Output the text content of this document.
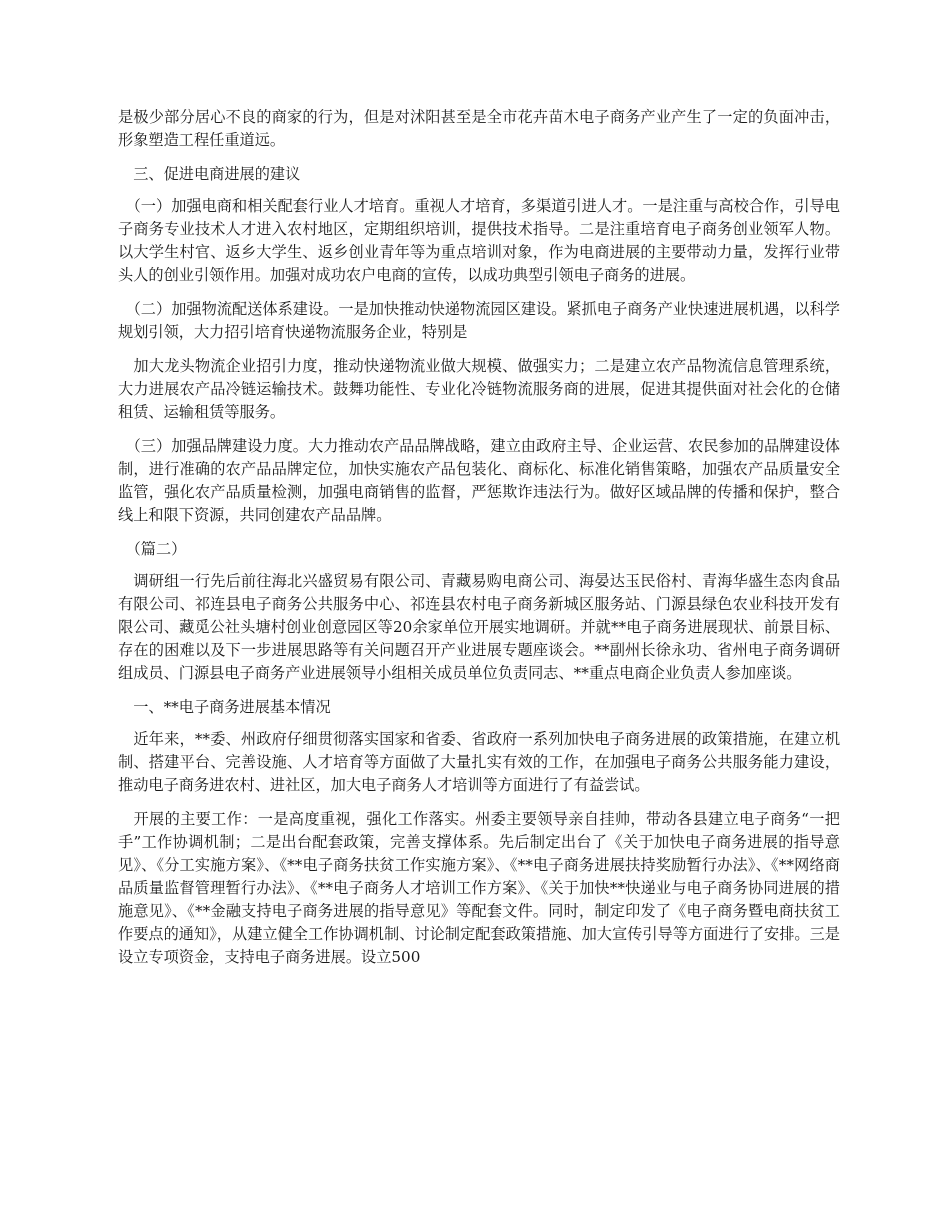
是极少部分居心不良的商家的行为，但是对沭阳甚至是全市花卉苗木电子商务产业产生了一定的负面冲击，形象塑造工程任重道远。

　三、促进电商进展的建议

　（一）加强电商和相关配套行业人才培育。重视人才培育，多渠道引进人才。一是注重与高校合作，引导电子商务专业技术人才进入农村地区，定期组织培训，提供技术指导。二是注重培育电子商务创业领军人物。以大学生村官、返乡大学生、返乡创业青年等为重点培训对象，作为电商进展的主要带动力量，发挥行业带头人的创业引领作用。加强对成功农户电商的宣传，以成功典型引领电子商务的进展。

　（二）加强物流配送体系建设。一是加快推动快递物流园区建设。紧抓电子商务产业快速进展机遇，以科学规划引领，大力招引培育快递物流服务企业，特别是

　加大龙头物流企业招引力度，推动快递物流业做大规模、做强实力；二是建立农产品物流信息管理系统，大力进展农产品冷链运输技术。鼓舞功能性、专业化冷链物流服务商的进展，促进其提供面对社会化的仓储租赁、运输租赁等服务。

　（三）加强品牌建设力度。大力推动农产品品牌战略，建立由政府主导、企业运营、农民参加的品牌建设体制，进行准确的农产品品牌定位，加快实施农产品包装化、商标化、标准化销售策略，加强农产品质量安全监管，强化农产品质量检测，加强电商销售的监督，严惩欺诈违法行为。做好区域品牌的传播和保护，整合线上和限下资源，共同创建农产品品牌。

　（篇二）

　调研组一行先后前往海北兴盛贸易有限公司、青藏易购电商公司、海晏达玉民俗村、青海华盛生态肉食品有限公司、祁连县电子商务公共服务中心、祁连县农村电子商务新城区服务站、门源县绿色农业科技开发有限公司、藏觅公社头塘村创业创意园区等20余家单位开展实地调研。并就**电子商务进展现状、前景目标、存在的困难以及下一步进展思路等有关问题召开产业进展专题座谈会。**副州长徐永功、省州电子商务调研组成员、门源县电子商务产业进展领导小组相关成员单位负责同志、**重点电商企业负责人参加座谈。

　一、**电子商务进展基本情况

　近年来，**委、州政府仔细贯彻落实国家和省委、省政府一系列加快电子商务进展的政策措施，在建立机制、搭建平台、完善设施、人才培育等方面做了大量扎实有效的工作，在加强电子商务公共服务能力建设，推动电子商务进农村、进社区，加大电子商务人才培训等方面进行了有益尝试。

　开展的主要工作：一是高度重视，强化工作落实。州委主要领导亲自挂帅，带动各县建立电子商务“一把手”工作协调机制；二是出台配套政策，完善支撑体系。先后制定出台了《关于加快电子商务进展的指导意见》、《分工实施方案》、《**电子商务扶贫工作实施方案》、《**电子商务进展扶持奖励暂行办法》、《**网络商品质量监督管理暂行办法》、《**电子商务人才培训工作方案》、《关于加快**快递业与电子商务协同进展的措施意见》、《**金融支持电子商务进展的指导意见》等配套文件。同时，制定印发了《电子商务暨电商扶贫工作要点的通知》，从建立健全工作协调机制、讨论制定配套政策措施、加大宣传引导等方面进行了安排。三是设立专项资金，支持电子商务进展。设立500
